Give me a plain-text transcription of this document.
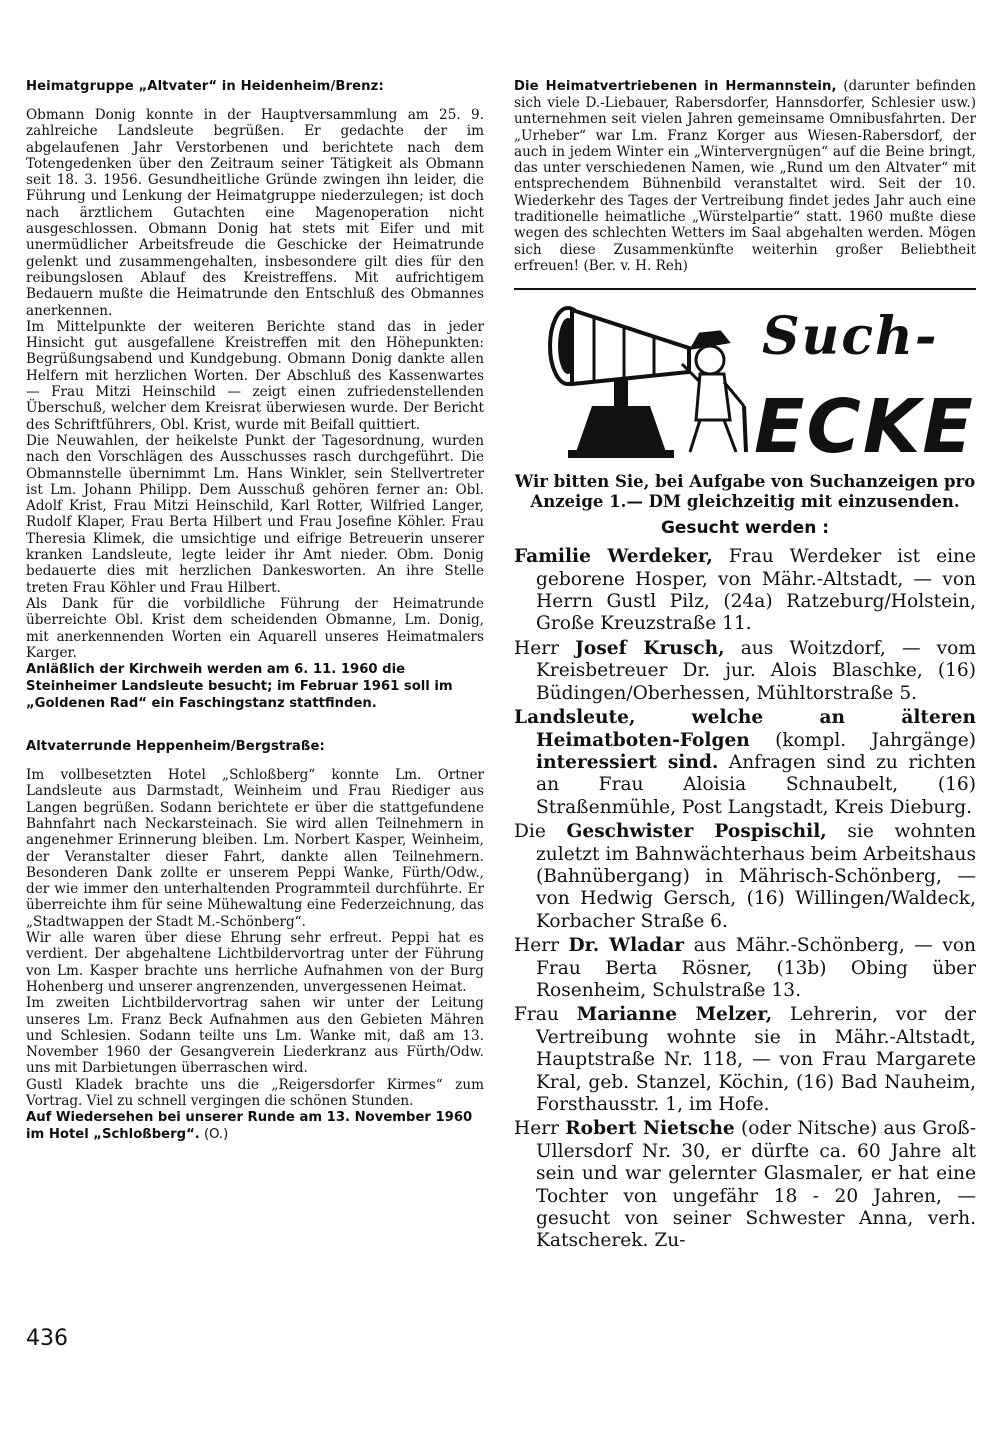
Heimatgruppe „Altvater“ in Heidenheim/Brenz:

Obmann Donig konnte in der Hauptversammlung am 25. 9. zahlreiche Landsleute begrüßen. Er gedachte der im abgelaufenen Jahr Verstorbenen und berichtete nach dem Totengedenken über den Zeitraum seiner Tätigkeit als Obmann seit 18. 3. 1956. Gesundheitliche Gründe zwingen ihn leider, die Führung und Lenkung der Heimatgruppe niederzulegen; ist doch nach ärztlichem Gutachten eine Magenoperation nicht ausgeschlossen. Obmann Donig hat stets mit Eifer und mit unermüdlicher Arbeitsfreude die Geschicke der Heimatrunde gelenkt und zusammengehalten, insbesondere gilt dies für den reibungslosen Ablauf des Kreistreffens. Mit aufrichtigem Bedauern mußte die Heimatrunde den Entschluß des Obmannes anerkennen.

Im Mittelpunkte der weiteren Berichte stand das in jeder Hinsicht gut ausgefallene Kreistreffen mit den Höhepunkten: Begrüßungsabend und Kundgebung. Obmann Donig dankte allen Helfern mit herzlichen Worten. Der Abschluß des Kassenwartes — Frau Mitzi Heinschild — zeigt einen zufriedenstellenden Überschuß, welcher dem Kreisrat überwiesen wurde. Der Bericht des Schriftführers, Obl. Krist, wurde mit Beifall quittiert.

Die Neuwahlen, der heikelste Punkt der Tagesordnung, wurden nach den Vorschlägen des Ausschusses rasch durchgeführt. Die Obmannstelle übernimmt Lm. Hans Winkler, sein Stellvertreter ist Lm. Johann Philipp. Dem Ausschuß gehören ferner an: Obl. Adolf Krist, Frau Mitzi Heinschild, Karl Rotter, Wilfried Langer, Rudolf Klaper, Frau Berta Hilbert und Frau Josefine Köhler. Frau Theresia Klimek, die umsichtige und eifrige Betreuerin unserer kranken Landsleute, legte leider ihr Amt nieder. Obm. Donig bedauerte dies mit herzlichen Dankesworten. An ihre Stelle treten Frau Köhler und Frau Hilbert.

Als Dank für die vorbildliche Führung der Heimatrunde überreichte Obl. Krist dem scheidenden Obmanne, Lm. Donig, mit anerkennenden Worten ein Aquarell unseres Heimatmalers Karger.

Anläßlich der Kirchweih werden am 6. 11. 1960 die Steinheimer Landsleute besucht; im Februar 1961 soll im „Goldenen Rad“ ein Faschingstanz stattfinden.

Altvaterrunde Heppenheim/Bergstraße:

Im vollbesetzten Hotel „Schloßberg“ konnte Lm. Ortner Landsleute aus Darmstadt, Weinheim und Frau Riediger aus Langen begrüßen. Sodann berichtete er über die stattgefundene Bahnfahrt nach Neckarsteinach. Sie wird allen Teilnehmern in angenehmer Erinnerung bleiben. Lm. Norbert Kasper, Weinheim, der Veranstalter dieser Fahrt, dankte allen Teilnehmern. Besonderen Dank zollte er unserem Peppi Wanke, Fürth/Odw., der wie immer den unterhaltenden Programmteil durchführte. Er überreichte ihm für seine Mühewaltung eine Federzeichnung, das „Stadtwappen der Stadt M.-Schönberg“.

Wir alle waren über diese Ehrung sehr erfreut. Peppi hat es verdient. Der abgehaltene Lichtbildervortrag unter der Führung von Lm. Kasper brachte uns herrliche Aufnahmen von der Burg Hohenberg und unserer angrenzenden, unvergessenen Heimat.

Im zweiten Lichtbildervortrag sahen wir unter der Leitung unseres Lm. Franz Beck Aufnahmen aus den Gebieten Mähren und Schlesien. Sodann teilte uns Lm. Wanke mit, daß am 13. November 1960 der Gesangverein Liederkranz aus Fürth/Odw. uns mit Darbietungen überraschen wird.

Gustl Kladek brachte uns die „Reigersdorfer Kirmes“ zum Vortrag. Viel zu schnell vergingen die schönen Stunden.

Auf Wiedersehen bei unserer Runde am 13. November 1960 im Hotel „Schloßberg“. (O.)

436

Die Heimatvertriebenen in Hermannstein, (darunter befinden sich viele D.-Liebauer, Rabersdorfer, Hannsdorfer, Schlesier usw.) unternehmen seit vielen Jahren gemeinsame Omnibusfahrten. Der „Urheber“ war Lm. Franz Korger aus Wiesen-Rabersdorf, der auch in jedem Winter ein „Wintervergnügen“ auf die Beine bringt, das unter verschiedenen Namen, wie „Rund um den Altvater“ mit entsprechendem Bühnenbild veranstaltet wird. Seit der 10. Wiederkehr des Tages der Vertreibung findet jedes Jahr auch eine traditionelle heimatliche „Würstelpartie“ statt. 1960 mußte diese wegen des schlechten Wetters im Saal abgehalten werden. Mögen sich diese Zusammenkünfte weiterhin großer Beliebtheit erfreuen! (Ber. v. H. Reh)

Such-
ECKE

Wir bitten Sie, bei Aufgabe von Suchanzeigen pro Anzeige 1.— DM gleichzeitig mit einzusenden.

Gesucht werden :

Familie Werdeker, Frau Werdeker ist eine geborene Hosper, von Mähr.-Altstadt, — von Herrn Gustl Pilz, (24a) Ratzeburg/Holstein, Große Kreuzstraße 11.

Herr Josef Krusch, aus Woitzdorf, — vom Kreisbetreuer Dr. jur. Alois Blaschke, (16) Büdingen/Oberhessen, Mühltorstraße 5.

Landsleute, welche an älteren Heimatboten-Folgen (kompl. Jahrgänge) interessiert sind. Anfragen sind zu richten an Frau Aloisia Schnaubelt, (16) Straßenmühle, Post Langstadt, Kreis Dieburg.

Die Geschwister Pospischil, sie wohnten zuletzt im Bahnwächterhaus beim Arbeitshaus (Bahnübergang) in Mährisch-Schönberg, — von Hedwig Gersch, (16) Willingen/Waldeck, Korbacher Straße 6.

Herr Dr. Wladar aus Mähr.-Schönberg, — von Frau Berta Rösner, (13b) Obing über Rosenheim, Schulstraße 13.

Frau Marianne Melzer, Lehrerin, vor der Vertreibung wohnte sie in Mähr.-Altstadt, Hauptstraße Nr. 118, — von Frau Margarete Kral, geb. Stanzel, Köchin, (16) Bad Nauheim, Forsthausstr. 1, im Hofe.

Herr Robert Nietsche (oder Nitsche) aus Groß-Ullersdorf Nr. 30, er dürfte ca. 60 Jahre alt sein und war gelernter Glasmaler, er hat eine Tochter von ungefähr 18 - 20 Jahren, — gesucht von seiner Schwester Anna, verh. Katscherek. Zu-
